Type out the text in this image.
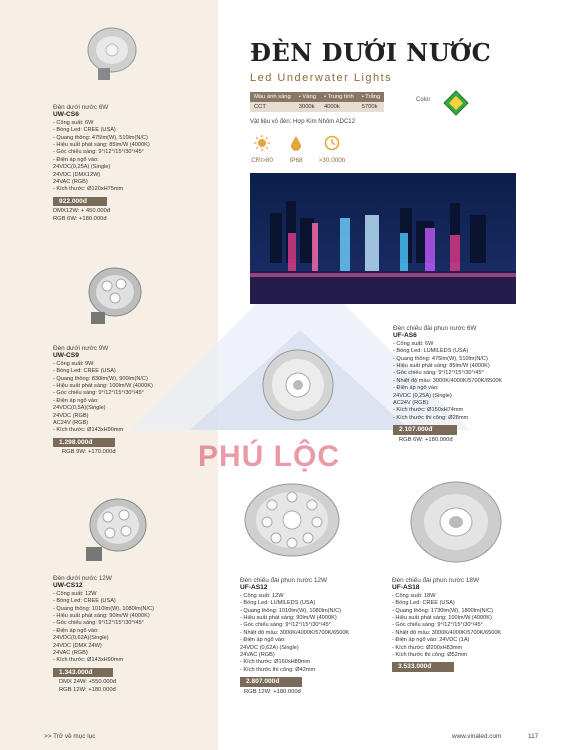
Đèn dưới nước 6W
UW-CS6
- Công suất: 6W
- Bóng Led: CREE (USA)
- Quang thông: 475lm(W), 510lm(N/C)
- Hiệu suất phát sáng: 85lm/W (4000K)
- Góc chiếu sáng: 9°/12°/15°/30°/45°
- Điện áp ngõ vào:
24VDC(0,25A) (Single)
24VDC (DMX12W)
24VAC (RGB)
- Kích thước: Ø120xH75mm
922.000đ
DMX12W: + 450.000đ
RGB 6W: +180.000đ
Đèn dưới nước 9W
UW-CS9
- Công suất: 9W
- Bóng Led: CREE (USA)
- Quang thông: 830lm(W), 900lm(N/C)
- Hiệu suất phát sáng: 100lm/W (4000K)
- Góc chiếu sáng: 9°/12°/15°/30°/45°
- Điện áp ngõ vào:
24VDC(0,5A)(Single)
24VDC (RGB)
AC24V (RGB)
- Kích thước: Ø143xH90mm
1.298.000đ
RGB 9W: +170.000đ
Đèn dưới nước 12W
UW-CS12
- Công suất: 12W
- Bóng Led: CREE (USA)
- Quang thông: 1010lm(W), 1080lm(N/C)
- Hiệu suất phát sáng: 90lm/W (4000K)
- Góc chiếu sáng: 9°/12°/15°/30°/45°
- Điện áp ngõ vào:
24VDC(0,62A)(Single)
24VDC (DMX 24W)
24VAC (RGB)
- Kích thước: Ø143xH90mm
1.343.000đ
DMX 24W: +550.000đ
RGB 12W: +180.000đ
ĐÈN DƯỚI NƯỚC
Led Underwater Lights
Màu ánh sáng	• Vàng	• Trung tính	• Trắng
CCT	3000k	4000k	5700k
Color
Vật liệu vỏ đèn: Hợp Kim Nhôm ADC12
CRI>80	IP68	>30.000h
Đèn chiếu đài phun nước 6W
UF-AS6
- Công suất: 6W
- Bóng Led: LUMILEDS (USA)
- Quang thông: 475lm(W), 510lm(N/C)
- Hiệu suất phát sáng: 85lm/W (4000K)
- Góc chiếu sáng: 9°/12°/15°/30°/45°
- Nhiệt độ màu: 3000K/4000K/5700K/6500K
- Điện áp ngõ vào:
24VDC (0,25A) (Single)
AC24V (RGB)
- Kích thước: Ø150xH74mm
- Kích thước thi công: Ø28mm
2.107.000đ
RGB 6W: +180.000đ
Đèn chiếu đài phun nước 12W
UF-AS12
- Công suất: 12W
- Bóng Led: LUMILEDS (USA)
- Quang thông: 1010lm(W), 1080lm(N/C)
- Hiệu suất phát sáng: 90lm/W (4000K)
- Góc chiếu sáng: 9°/12°/15°/30°/45°
- Nhiệt độ màu: 3000K/4000K/5700K/6500K
- Điện áp ngõ vào:
24VDC (0,62A) (Single)
24VAC (RGB)
- Kích thước: Ø160xH80mm
- Kích thước thi công: Ø42mm
2.807.000đ
RGB 12W: +180.000đ
Đèn chiếu đài phun nước 18W
UF-AS18
- Công suất: 18W
- Bóng Led: CREE (USA)
- Quang thông: 1730lm(W), 1800lm(N/C)
- Hiệu suất phát sáng: 100lm/W (4000K)
- Góc chiếu sáng: 9°/12°/15°/30°/45°
- Nhiệt độ màu: 3000K/4000K/5700K/6500K
- Điện áp ngõ vào: 24VDC (1A)
- Kích thước: Ø200xH83mm
- Kích thước thi công: Ø52mm
3.533.000đ
PHÚ LỘC
>> Trở về mục lục	www.vinaled.com	117
